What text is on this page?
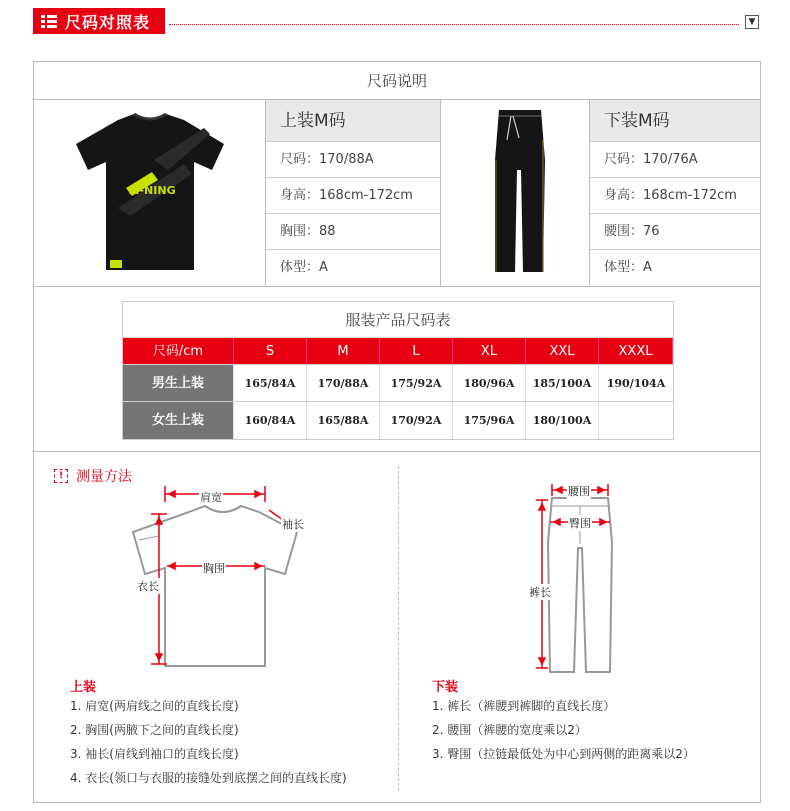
尺码对照表	▼
尺码说明
LI-NING
上装M码
尺码：170/88A
身高：168cm-172cm
胸围：88
体型：A
下装M码
尺码：170/76A
身高：168cm-172cm
腰围：76
体型：A
服装产品尺码表
尺码/cm	S	M	L	XL	XXL	XXXL
男生上装	165/84A	170/88A	175/92A	180/96A	185/100A	190/104A
女生上装	160/84A	165/88A	170/92A	175/96A	180/100A
! 测量方法
肩宽
袖长
胸围
衣长
腰围
臀围
裤长
上装
1. 肩宽(两肩线之间的直线长度)
2. 胸围(两腋下之间的直线长度)
3. 袖长(肩线到袖口的直线长度)
4. 衣长(领口与衣服的接缝处到底摆之间的直线长度)
下装
1. 裤长（裤腰到裤脚的直线长度）
2. 腰围（裤腰的宽度乘以2）
3. 臀围（拉链最低处为中心到两侧的距离乘以2）
